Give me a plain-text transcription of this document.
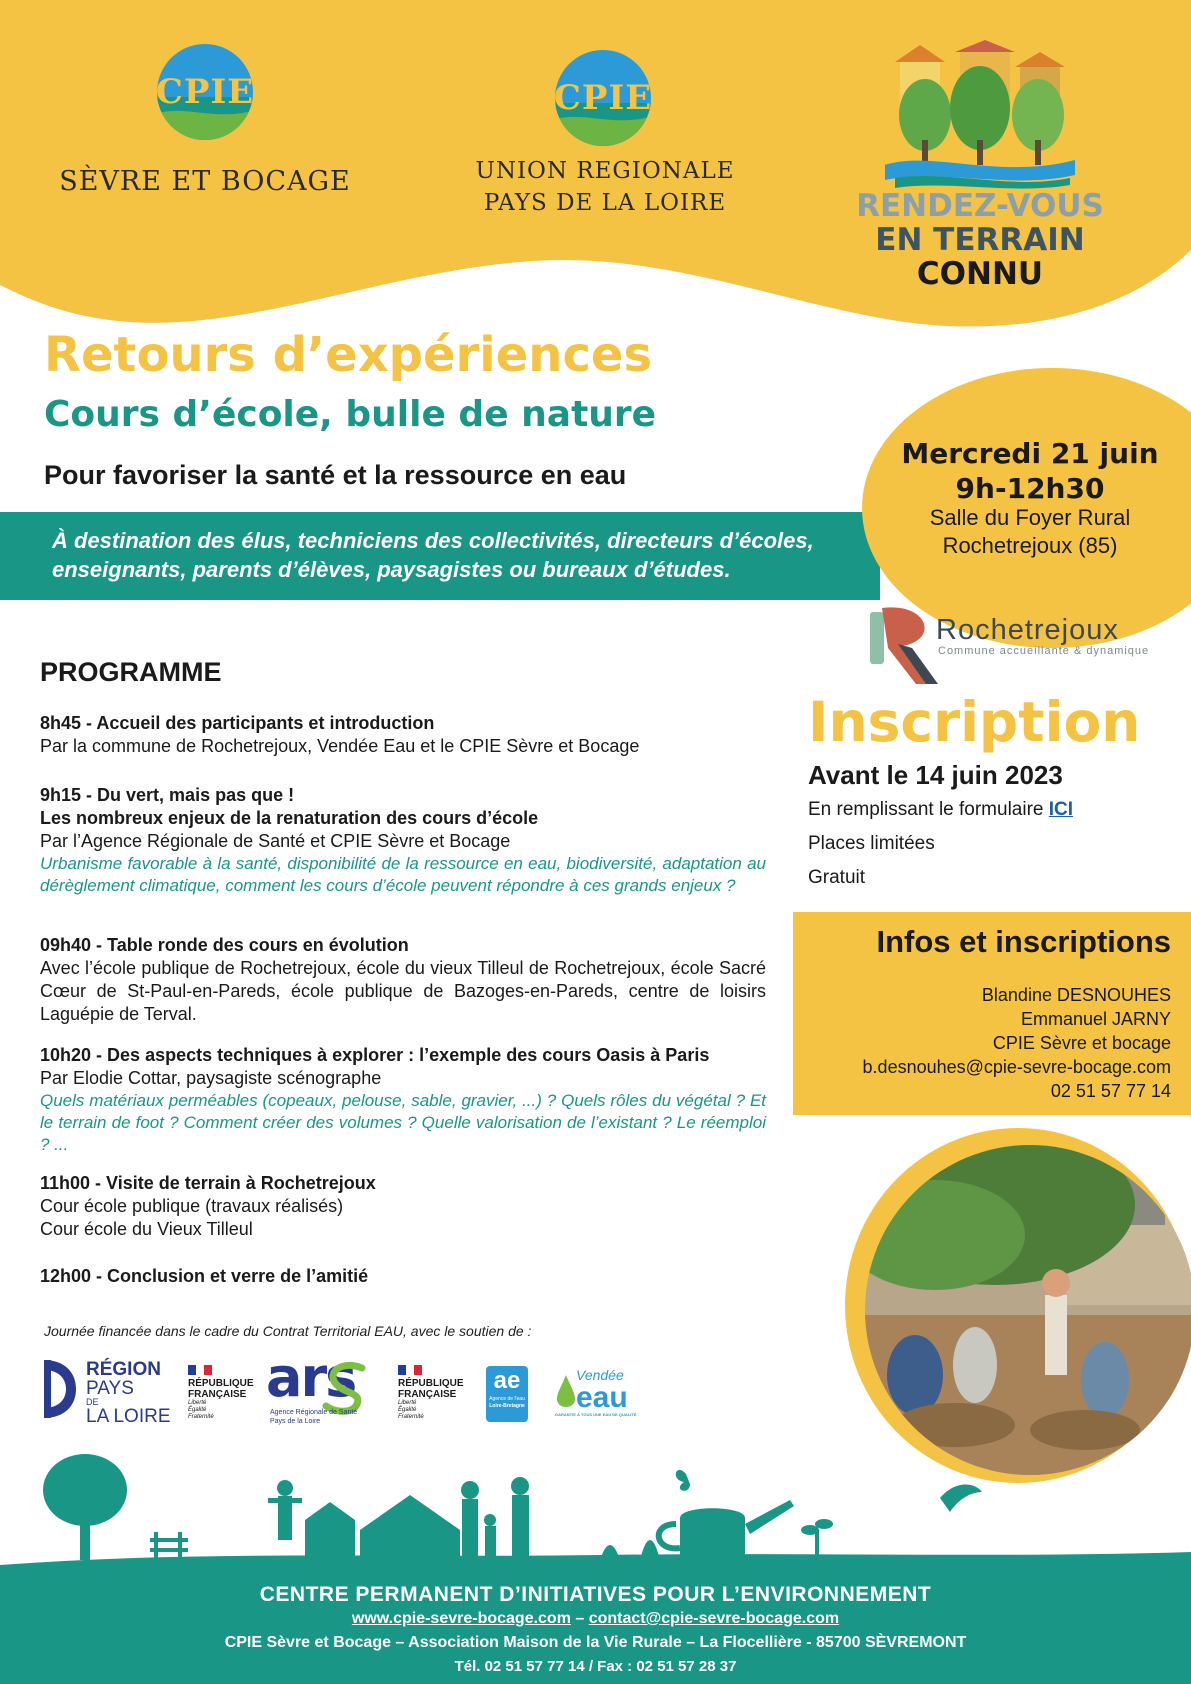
CPIE
SÈVRE ET BOCAGE
CPIE
UNION REGIONALE
PAYS DE LA LOIRE	RENDEZ-VOUS
EN TERRAIN
CONNU
Retours d’expériences
Cours d’école, bulle de nature
Pour favoriser la santé et la ressource en eau
À destination des élus, techniciens des collectivités, directeurs d’écoles,
enseignants, parents d’élèves, paysagistes ou bureaux d’études.
Mercredi 21 juin
9h-12h30
Salle du Foyer Rural
Rochetrejoux (85)
Rochetrejoux
Commune accueillante & dynamique
Inscription
Avant le 14 juin 2023
En remplissant le formulaire ICI
Places limitées
Gratuit
Infos et inscriptions
Blandine DESNOUHES
Emmanuel JARNY
CPIE Sèvre et bocage
b.desnouhes@cpie-sevre-bocage.com
02 51 57 77 14
PROGRAMME
8h45 - Accueil des participants et introduction
Par la commune de Rochetrejoux, Vendée Eau et le CPIE Sèvre et Bocage
9h15 - Du vert, mais pas que !
Les nombreux enjeux de la renaturation des cours d’école
Par l’Agence Régionale de Santé et CPIE Sèvre et Bocage
Urbanisme favorable à la santé, disponibilité de la ressource en eau, biodiversité, adaptation au dérèglement climatique, comment les cours d’école peuvent répondre à ces grands enjeux ?
09h40 - Table ronde des cours en évolution
Avec l’école publique de Rochetrejoux, école du vieux Tilleul de Rochetrejoux, école Sacré Cœur de St-Paul-en-Pareds, école publique de Bazoges-en-Pareds, centre de loisirs Laguépie de Terval.
10h20 - Des aspects techniques à explorer : l’exemple des cours Oasis à Paris
Par Elodie Cottar, paysagiste scénographe
Quels matériaux perméables (copeaux, pelouse, sable, gravier, ...) ? Quels rôles du végétal ? Et le terrain de foot ? Comment créer des volumes ? Quelle valorisation de l’existant ? Le réemploi ? ...
11h00 - Visite de terrain à Rochetrejoux
Cour école publique (travaux réalisés)
Cour école du Vieux Tilleul
12h00 - Conclusion et verre de l’amitié
Journée financée dans le cadre du Contrat Territorial EAU, avec le soutien de :
RÉGION
PAYS
DE
LA LOIRE
RÉPUBLIQUE
FRANÇAISE
Liberté
Égalité
Fraternité
ars
Agence Régionale de Santé
Pays de la Loire
RÉPUBLIQUE
FRANÇAISE
Liberté
Égalité
Fraternité
ae
Agence de l'eau
Loire-Bretagne
Vendée
eau
GARANTIE À TOUS UNE EAU DE QUALITÉ
CENTRE PERMANENT D’INITIATIVES POUR L’ENVIRONNEMENT
www.cpie-sevre-bocage.com – contact@cpie-sevre-bocage.com
CPIE Sèvre et Bocage – Association Maison de la Vie Rurale – La Flocellière - 85700 SÈVREMONT
Tél. 02 51 57 77 14 / Fax : 02 51 57 28 37
